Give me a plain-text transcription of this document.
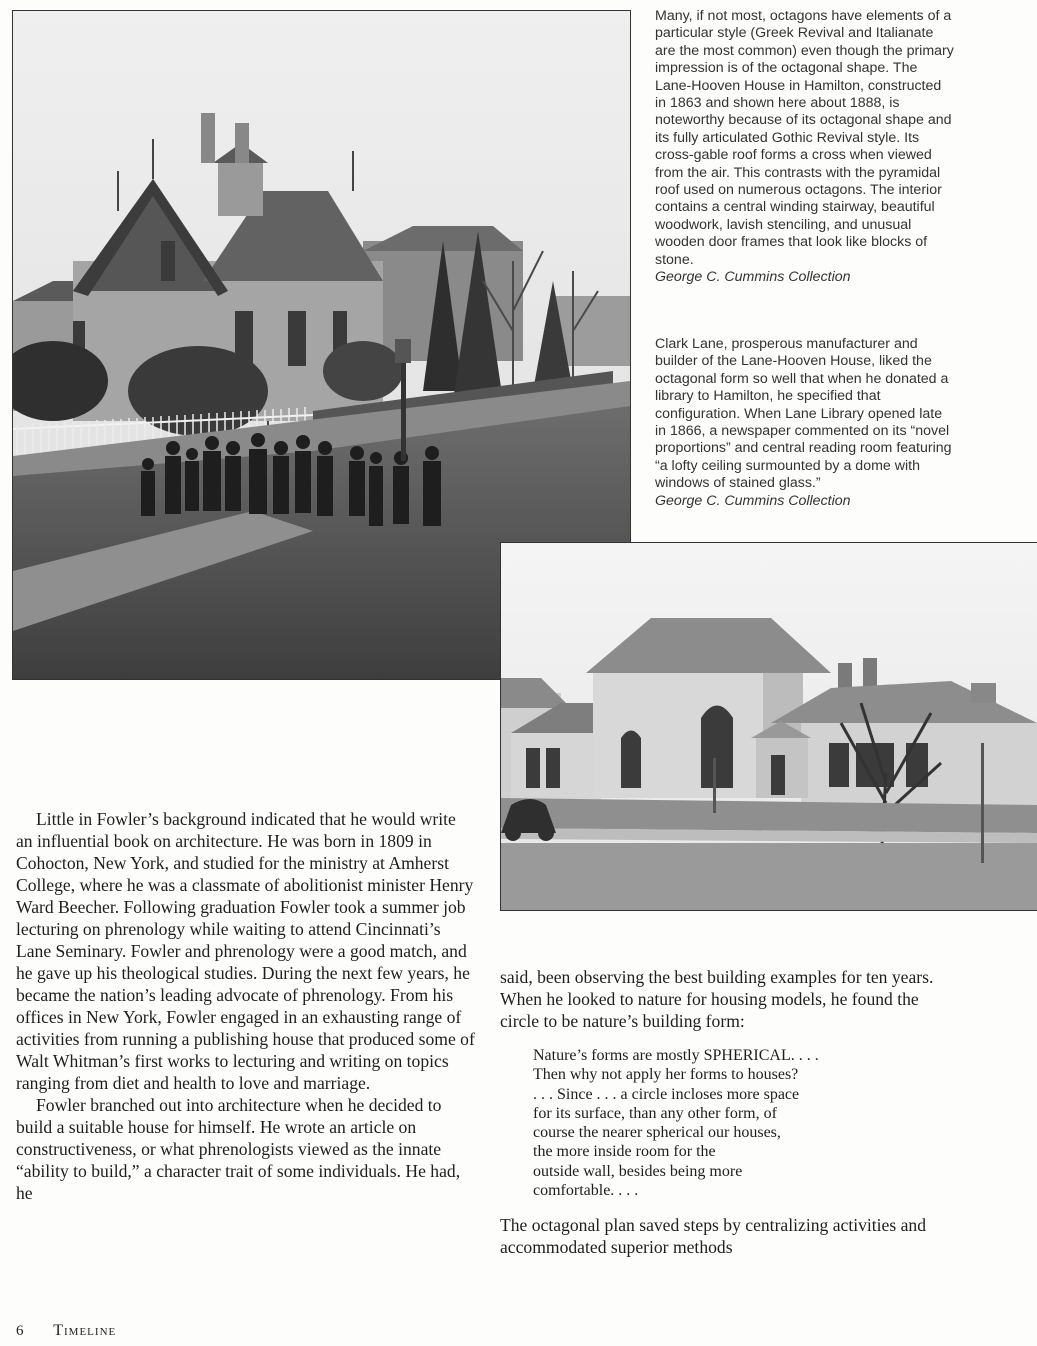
Many, if not most, octagons have elements of a particular style (Greek Revival and Italianate are the most common) even though the primary impression is of the octagonal shape. The Lane-Hooven House in Hamilton, constructed in 1863 and shown here about 1888, is noteworthy because of its octagonal shape and its fully articulated Gothic Revival style. Its cross-gable roof forms a cross when viewed from the air. This contrasts with the pyramidal roof used on numerous octagons. The interior contains a central winding stairway, beautiful woodwork, lavish stenciling, and unusual wooden door frames that look like blocks of stone.

George C. Cummins Collection

Clark Lane, prosperous manufacturer and builder of the Lane-Hooven House, liked the octagonal form so well that when he donated a library to Hamilton, he specified that configuration. When Lane Library opened late in 1866, a newspaper commented on its “novel proportions” and central reading room featuring “a lofty ceiling surmounted by a dome with windows of stained glass.”

George C. Cummins Collection

Little in Fowler’s background indicated that he would write an influential book on architecture. He was born in 1809 in Cohocton, New York, and studied for the ministry at Amherst College, where he was a classmate of abolitionist minister Henry Ward Beecher. Following graduation Fowler took a summer job lecturing on phrenology while waiting to attend Cincinnati’s Lane Seminary. Fowler and phrenology were a good match, and he gave up his theological studies. During the next few years, he became the nation’s leading advocate of phrenology. From his offices in New York, Fowler engaged in an exhausting range of activities from running a publishing house that produced some of Walt Whitman’s first works to lecturing and writing on topics ranging from diet and health to love and marriage.

Fowler branched out into architecture when he decided to build a suitable house for himself. He wrote an article on constructiveness, or what phrenologists viewed as the innate “ability to build,” a character trait of some individuals. He had, he

said, been observing the best building examples for ten years. When he looked to nature for housing models, he found the circle to be nature’s building form:

Nature’s forms are mostly SPHERICAL. . . .
Then why not apply her forms to houses?
. . . Since . . . a circle incloses more space
for its surface, than any other form, of
course the nearer spherical our houses,
the more inside room for the
outside wall, besides being more
comfortable. . . .

The octagonal plan saved steps by centralizing activities and accommodated superior methods

6 Timeline
